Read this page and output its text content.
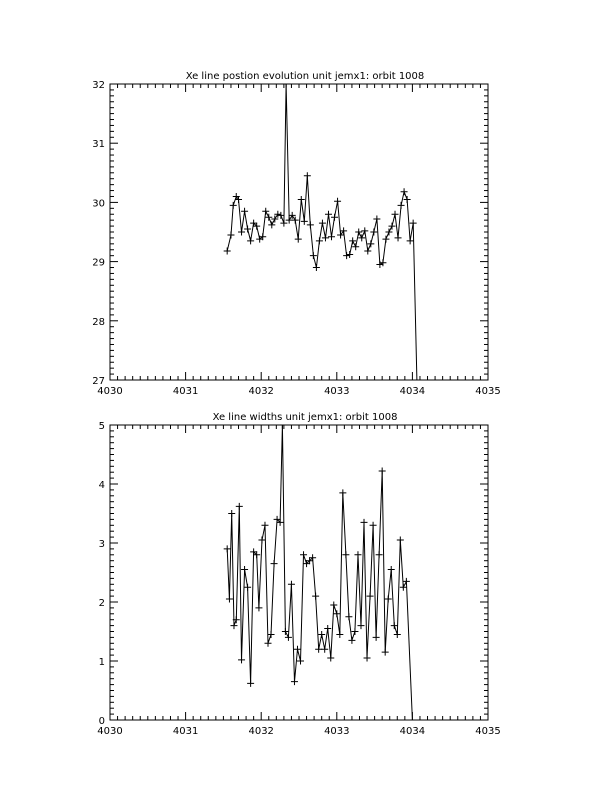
Xe line postion evolution unit jemx1: orbit 1008
4030	4031	4032	4033	4034	4035
27
28
29
30
31
32
Xe line widths unit jemx1: orbit 1008
4030	4031	4032	4033	4034	4035
0
1
2
3
4
5
